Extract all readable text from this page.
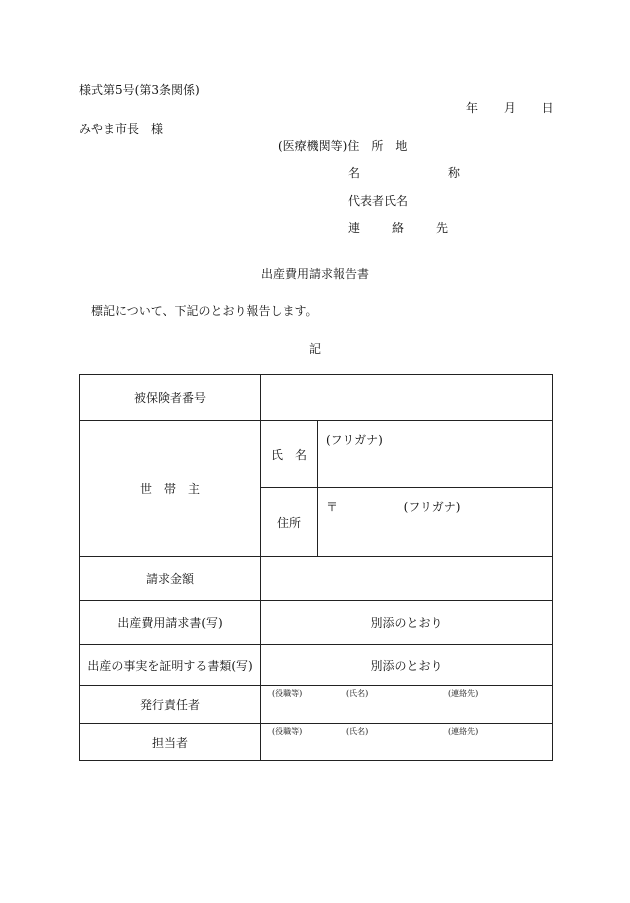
様式第5号(第3条関係)
年 月 日
みやま市長　様
(医療機関等)住　所　地
名　称
代表者氏名
連　絡　先
出産費用請求報告書
標記について、下記のとおり報告します。
記
被保険者番号		
世　帯　主	氏　名	(フリガナ)
	住所	〒 (フリガナ)
請求金額		
出産費用請求書(写)	別添のとおり	
出産の事実を証明する書類(写)	別添のとおり	
発行責任者	(役職等) (氏名) (連絡先)	

担当者	(役職等) (氏名) (連絡先)	
